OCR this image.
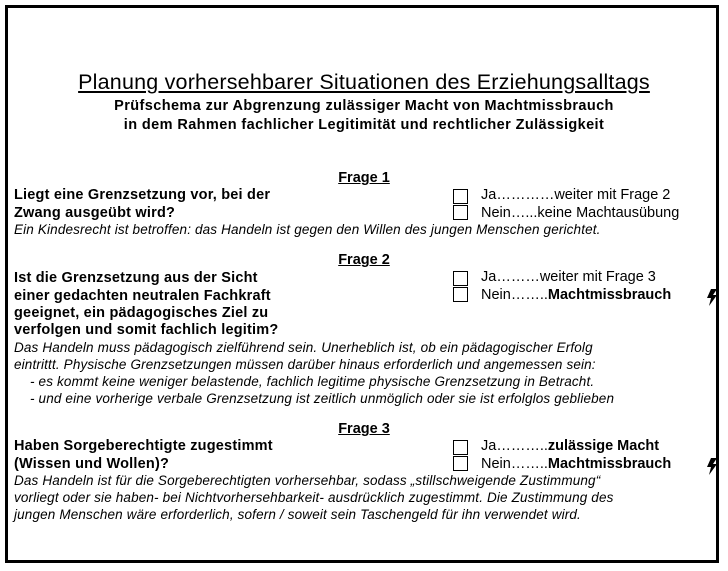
Planung vorhersehbarer Situationen des Erziehungsalltags
Prüfschema zur Abgrenzung zulässiger Macht von Machtmissbrauch
in dem Rahmen fachlicher Legitimität und rechtlicher Zulässigkeit
Frage 1
Liegt eine Grenzsetzung vor, bei der
Zwang ausgeübt wird?
Ja…………weiter mit Frage 2
Nein…...keine Machtausübung
Ein Kindesrecht ist betroffen: das Handeln ist gegen den Willen des jungen Menschen gerichtet.
Frage 2
Ist die Grenzsetzung aus der Sicht
einer gedachten neutralen Fachkraft
geeignet, ein pädagogisches Ziel zu
verfolgen und somit fachlich legitim?
Ja………weiter mit Frage 3
Nein……..Machtmissbrauch
Das Handeln muss pädagogisch zielführend sein. Unerheblich ist, ob ein pädagogischer Erfolg
eintrittt. Physische Grenzsetzungen müssen darüber hinaus erforderlich und angemessen sein:
- es kommt keine weniger belastende, fachlich legitime physische Grenzsetzung in Betracht.
- und eine vorherige verbale Grenzsetzung ist zeitlich unmöglich oder sie ist erfolglos geblieben
Frage 3
Haben Sorgeberechtigte zugestimmt
(Wissen und Wollen)?
Ja………..zulässige Macht
Nein……..Machtmissbrauch
Das Handeln ist für die Sorgeberechtigten vorhersehbar, sodass „stillschweigende Zustimmung“
vorliegt oder sie haben- bei Nichtvorhersehbarkeit- ausdrücklich zugestimmt. Die Zustimmung des
jungen Menschen wäre erforderlich, sofern / soweit sein Taschengeld für ihn verwendet wird.
